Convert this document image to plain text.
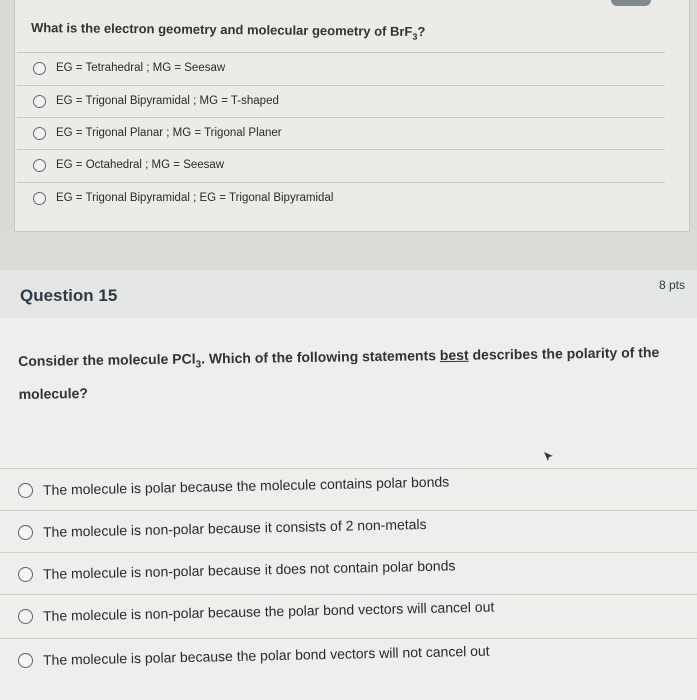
What is the electron geometry and molecular geometry of BrF$_3$?
EG = Tetrahedral ; MG = Seesaw
EG = Trigonal Bipyramidal ; MG = T-shaped
EG = Trigonal Planar ; MG = Trigonal Planer
EG = Octahedral ; MG = Seesaw
EG = Trigonal Bipyramidal ; EG = Trigonal Bipyramidal
Question 15
8 pts
Consider the molecule PCl$_3$. Which of the following statements best describes the polarity of the molecule?
The molecule is polar because the molecule contains polar bonds
The molecule is non-polar because it consists of 2 non-metals
The molecule is non-polar because it does not contain polar bonds
The molecule is non-polar because the polar bond vectors will cancel out
The molecule is polar because the polar bond vectors will not cancel out
